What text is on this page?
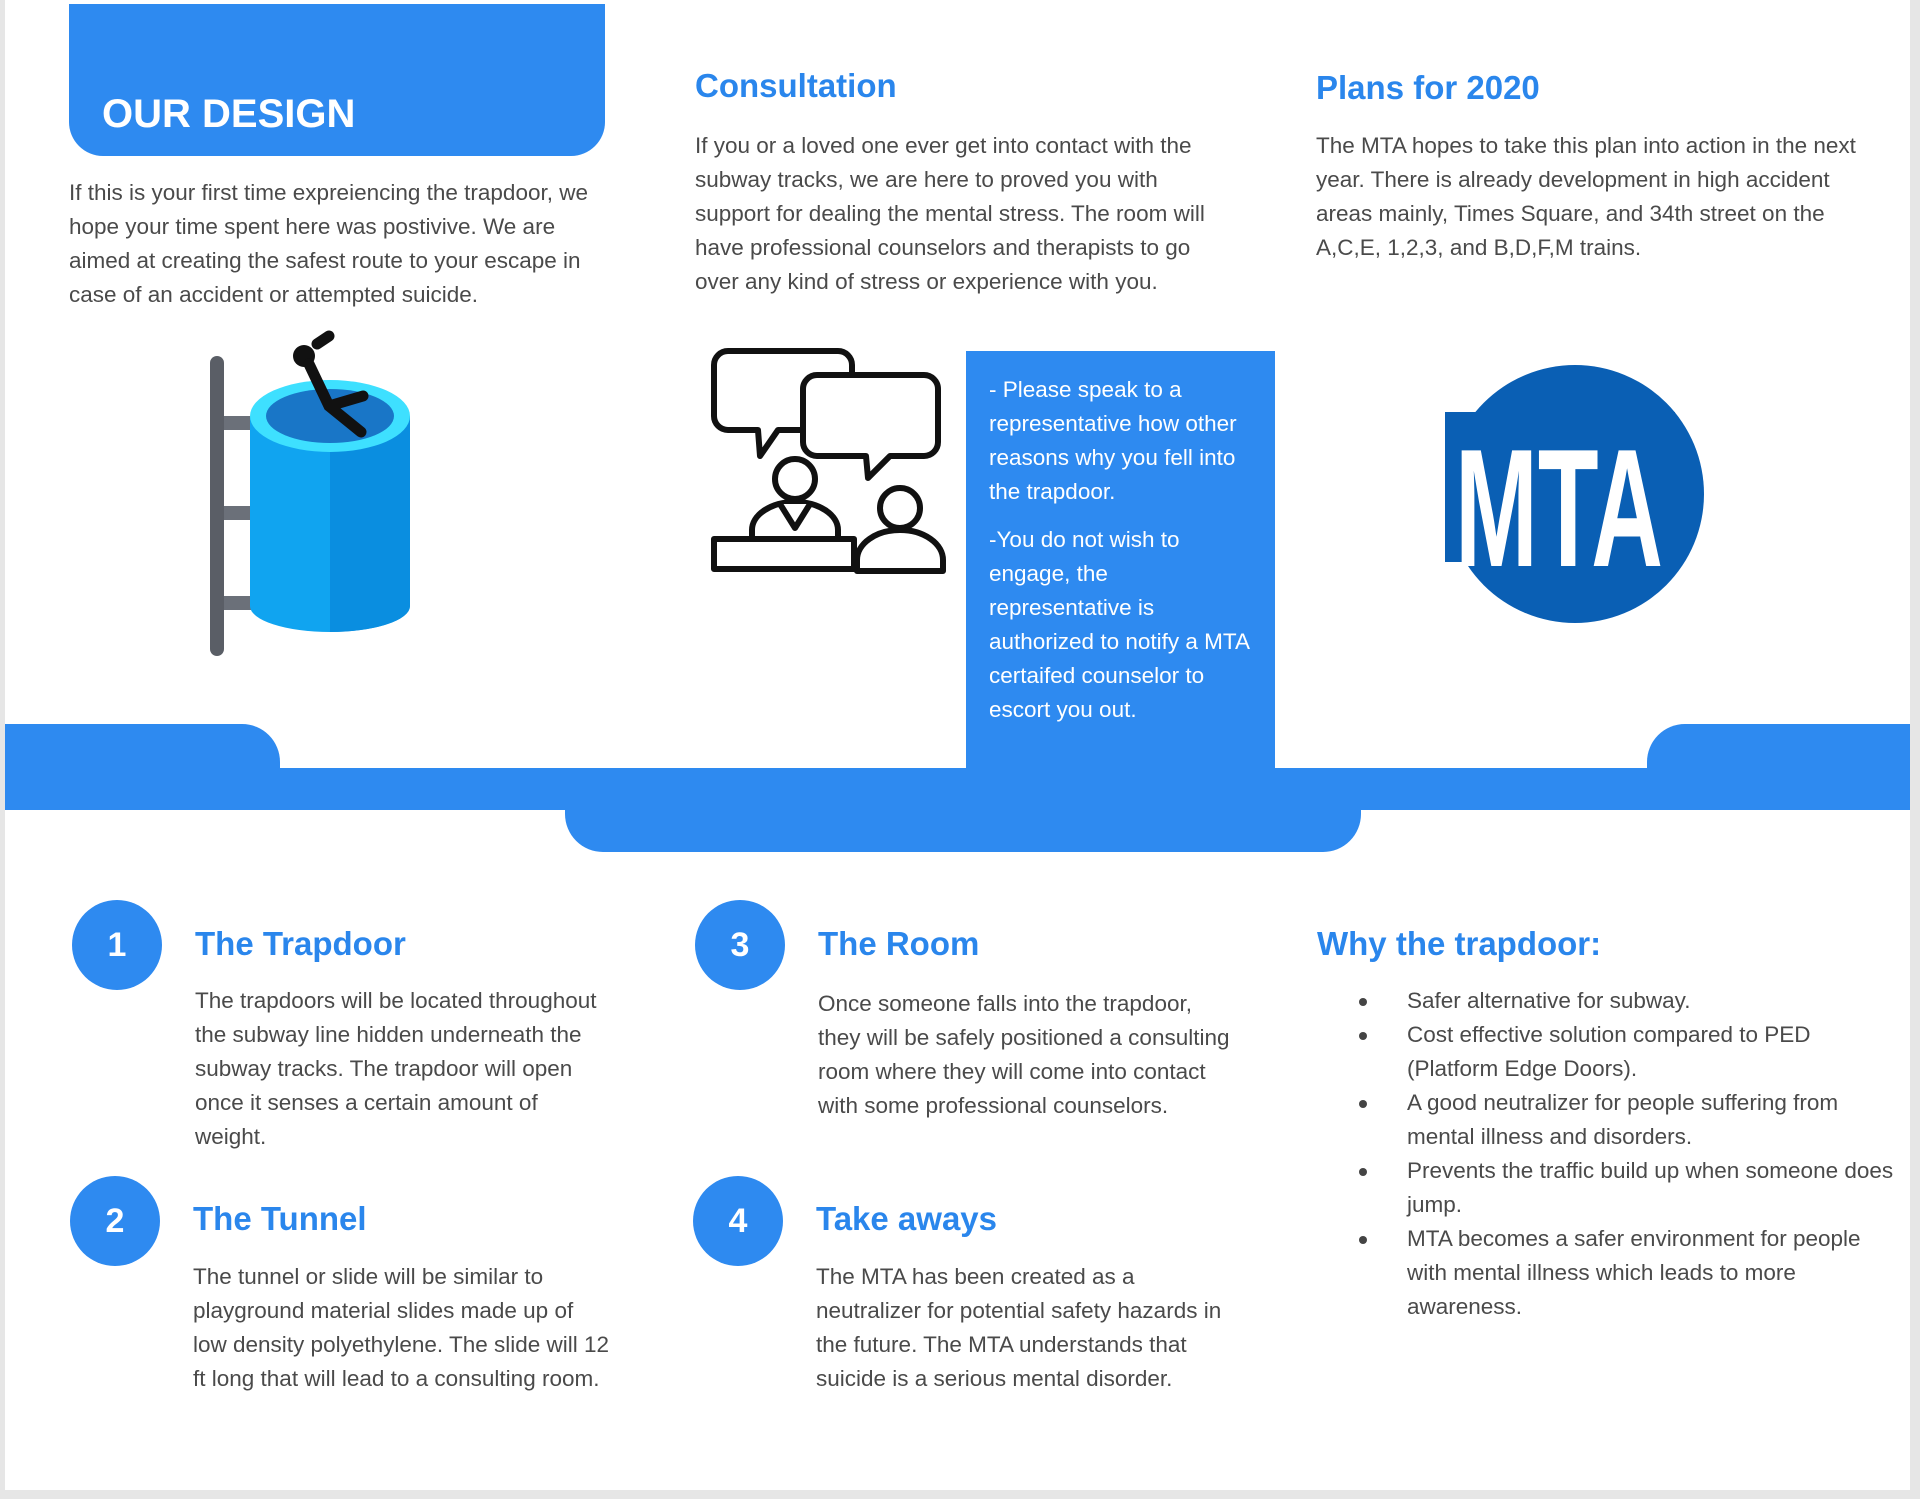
OUR DESIGN

If this is your first time expreiencing the trapdoor, we hope your time spent here was postivive. We are aimed at creating the safest route to your escape in case of an accident or attempted suicide.

Consultation

If you or a loved one ever get into contact with the subway tracks, we are here to proved you with support for dealing the mental stress. The room will have professional counselors and therapists to go over any kind of stress or experience with you.

Plans for 2020

The MTA hopes to take this plan into action in the next year. There is already development in high accident areas mainly, Times Square, and 34th street on the A,C,E, 1,2,3, and B,D,F,M trains.

MTA

- Please speak to a representative how other reasons why you fell into the trapdoor.

-You do not wish to engage, the representative is authorized to notify a MTA certaifed counselor to escort you out.

1	The Trapdoor

The trapdoors will be located throughout the subway line hidden underneath the subway tracks. The trapdoor will open once it senses a certain amount of weight.

2	The Tunnel

The tunnel or slide will be similar to playground material slides made up of low density polyethylene. The slide will 12 ft long that will lead to a consulting room.

3	The Room

Once someone falls into the trapdoor, they will be safely positioned a consulting room where they will come into contact with some professional counselors.

4	Take aways

The MTA has been created as a neutralizer for potential safety hazards in the future. The MTA understands that suicide is a serious mental disorder.

Why the trapdoor:
Safer alternative for subway.
Cost effective solution compared to PED (Platform Edge Doors).
A good neutralizer for people suffering from mental illness and disorders.
Prevents the traffic build up when someone does jump.
MTA becomes a safer environment for people with mental illness which leads to more awareness.
